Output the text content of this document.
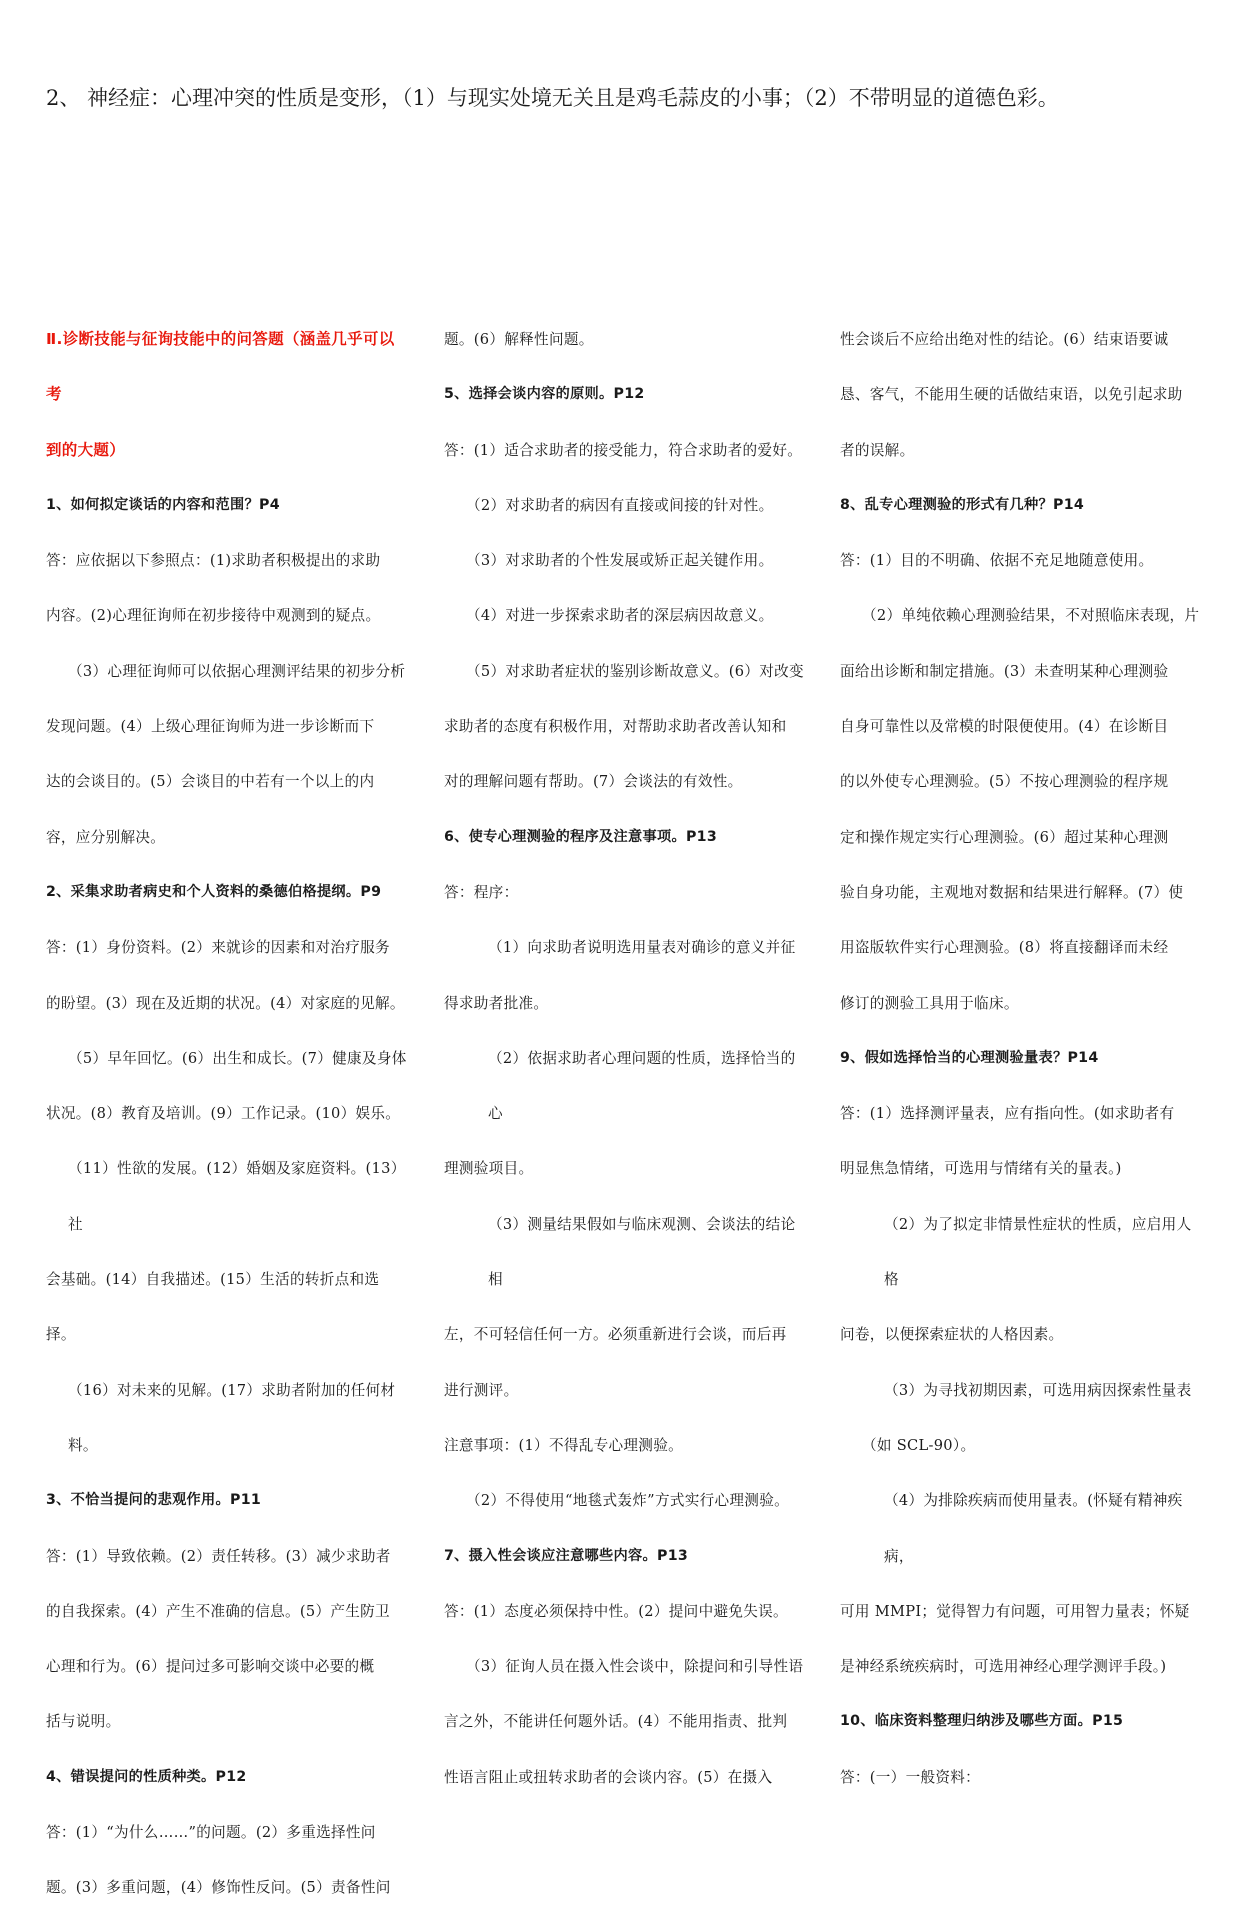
2、 神经症：心理冲突的性质是变形，（1）与现实处境无关且是鸡毛蒜皮的小事；（2）不带明显的道德色彩。

Ⅱ.诊断技能与征询技能中的问答题（涵盖几乎可以考

到的大题）

1、如何拟定谈话的内容和范围？P4

答：应依据以下参照点：(1)求助者积极提出的求助

内容。(2)心理征询师在初步接待中观测到的疑点。

（3）心理征询师可以依据心理测评结果的初步分析

发现问题。(4）上级心理征询师为进一步诊断而下

达的会谈目的。(5）会谈目的中若有一个以上的内

容，应分别解决。

2、采集求助者病史和个人资料的桑德伯格提纲。P9

答：(1）身份资料。(2）来就诊的因素和对治疗服务

的盼望。(3）现在及近期的状况。(4）对家庭的见解。

（5）早年回忆。(6）出生和成长。(7）健康及身体

状况。(8）教育及培训。(9）工作记录。(10）娱乐。

（11）性欲的发展。(12）婚姻及家庭资料。(13）社

会基础。(14）自我描述。(15）生活的转折点和选择。

（16）对未来的见解。(17）求助者附加的任何材料。

3、不恰当提问的悲观作用。P11

答：(1）导致依赖。(2）责任转移。(3）减少求助者

的自我探索。(4）产生不准确的信息。(5）产生防卫

心理和行为。(6）提问过多可影响交谈中必要的概

括与说明。

4、错误提问的性质种类。P12

答：(1）“为什么……”的问题。(2）多重选择性问

题。(3）多重问题，(4）修饰性反问。(5）责备性问

题。(6）解释性问题。

5、选择会谈内容的原则。P12

答：(1）适合求助者的接受能力，符合求助者的爱好。

（2）对求助者的病因有直接或间接的针对性。

（3）对求助者的个性发展或矫正起关键作用。

（4）对进一步探索求助者的深层病因故意义。

（5）对求助者症状的鉴别诊断故意义。(6）对改变

求助者的态度有积极作用，对帮助求助者改善认知和

对的理解问题有帮助。(7）会谈法的有效性。

6、使专心理测验的程序及注意事项。P13

答：程序：

（1）向求助者说明选用量表对确诊的意义并征

得求助者批准。

（2）依据求助者心理问题的性质，选择恰当的心

理测验项目。

（3）测量结果假如与临床观测、会谈法的结论相

左，不可轻信任何一方。必须重新进行会谈，而后再

进行测评。

注意事项：(1）不得乱专心理测验。

（2）不得使用“地毯式轰炸”方式实行心理测验。

7、摄入性会谈应注意哪些内容。P13

答：(1）态度必须保持中性。(2）提问中避免失误。

（3）征询人员在摄入性会谈中，除提问和引导性语

言之外，不能讲任何题外话。(4）不能用指责、批判

性语言阻止或扭转求助者的会谈内容。(5）在摄入

性会谈后不应给出绝对性的结论。(6）结束语要诚

恳、客气，不能用生硬的话做结束语，以免引起求助

者的误解。

8、乱专心理测验的形式有几种？P14

答：(1）目的不明确、依据不充足地随意使用。

（2）单纯依赖心理测验结果，不对照临床表现，片

面给出诊断和制定措施。(3）未查明某种心理测验

自身可靠性以及常模的时限便使用。(4）在诊断目

的以外使专心理测验。(5）不按心理测验的程序规

定和操作规定实行心理测验。(6）超过某种心理测

验自身功能，主观地对数据和结果进行解释。(7）使

用盗版软件实行心理测验。(8）将直接翻译而未经

修订的测验工具用于临床。

9、假如选择恰当的心理测验量表？P14

答：(1）选择测评量表，应有指向性。(如求助者有

明显焦急情绪，可选用与情绪有关的量表。)

（2）为了拟定非情景性症状的性质，应启用人格

问卷，以便探索症状的人格因素。

（3）为寻找初期因素，可选用病因探索性量表

（如 SCL-90）。

（4）为排除疾病而使用量表。(怀疑有精神疾病，

可用 MMPI；觉得智力有问题，可用智力量表；怀疑

是神经系统疾病时，可选用神经心理学测评手段。)

10、临床资料整理归纳涉及哪些方面。P15

答：(一）一般资料：
